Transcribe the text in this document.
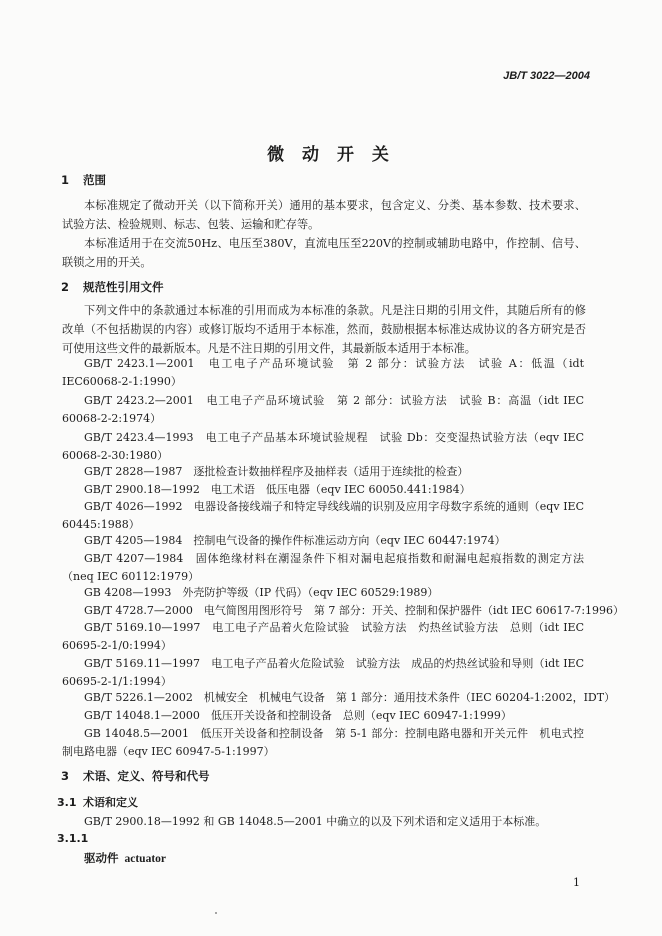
JB/T 3022—2004
微 动 开 关
1 范围
本标准规定了微动开关（以下简称开关）通用的基本要求，包含定义、分类、基本参数、技术要求、试验方法、检验规则、标志、包装、运输和贮存等。
本标准适用于在交流50Hz、电压至380V，直流电压至220V的控制或辅助电路中，作控制、信号、联锁之用的开关。
2 规范性引用文件
下列文件中的条款通过本标准的引用而成为本标准的条款。凡是注日期的引用文件，其随后所有的修改单（不包括勘误的内容）或修订版均不适用于本标准，然而，鼓励根据本标准达成协议的各方研究是否可使用这些文件的最新版本。凡是不注日期的引用文件，其最新版本适用于本标准。
GB/T 2423.1—2001　电工电子产品环境试验　第 2 部分：试验方法　试验 A：低温（idt IEC60068-2-1:1990）
GB/T 2423.2—2001　电工电子产品环境试验　第 2 部分：试验方法　试验 B：高温（idt IEC 60068-2-2:1974）
GB/T 2423.4—1993　电工电子产品基本环境试验规程　试验 Db：交变湿热试验方法（eqv IEC 60068-2-30:1980）
GB/T 2828—1987　逐批检查计数抽样程序及抽样表（适用于连续批的检查）
GB/T 2900.18—1992　电工术语　低压电器（eqv IEC 60050.441:1984）
GB/T 4026—1992　电器设备接线端子和特定导线线端的识别及应用字母数字系统的通则（eqv IEC 60445:1988）
GB/T 4205—1984　控制电气设备的操作件标准运动方向（eqv IEC 60447:1974）
GB/T 4207—1984　固体绝缘材料在潮湿条件下相对漏电起痕指数和耐漏电起痕指数的测定方法（neq IEC 60112:1979）
GB 4208—1993　外壳防护等级（IP 代码）（eqv IEC 60529:1989）
GB/T 4728.7—2000　电气简图用图形符号　第 7 部分：开关、控制和保护器件（idt IEC 60617-7:1996）
GB/T 5169.10—1997　电工电子产品着火危险试验　试验方法　灼热丝试验方法　总则（idt IEC 60695-2-1/0:1994）
GB/T 5169.11—1997　电工电子产品着火危险试验　试验方法　成品的灼热丝试验和导则（idt IEC 60695-2-1/1:1994）
GB/T 5226.1—2002　机械安全　机械电气设备　第 1 部分：通用技术条件（IEC 60204-1:2002，IDT）
GB/T 14048.1—2000　低压开关设备和控制设备　总则（eqv IEC 60947-1:1999）
GB 14048.5—2001　低压开关设备和控制设备　第 5-1 部分：控制电路电器和开关元件　机电式控制电路电器（eqv IEC 60947-5-1:1997）
3 术语、定义、符号和代号
3.1 术语和定义
GB/T 2900.18—1992 和 GB 14048.5—2001 中确立的以及下列术语和定义适用于本标准。
3.1.1
驱动件 actuator
1
